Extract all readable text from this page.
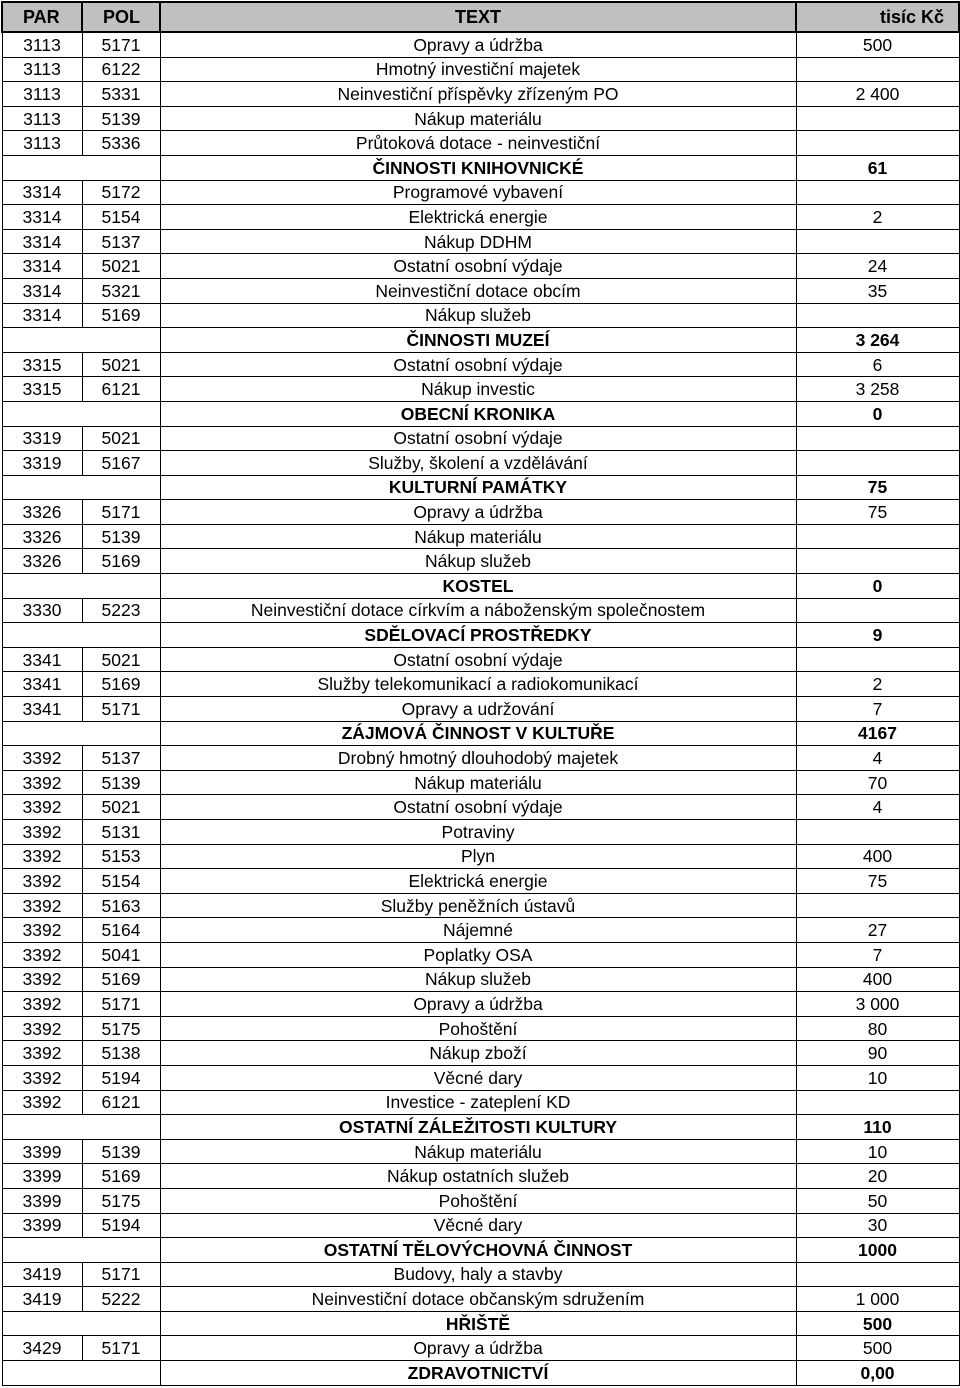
PAR	POL	TEXT	tisíc Kč
3113	5171	Opravy a údržba	500
3113	6122	Hmotný investiční majetek	
3113	5331	Neinvestiční příspěvky zřízeným PO	2 400
3113	5139	Nákup materiálu	
3113	5336	Průtoková dotace - neinvestiční	
		ČINNOSTI KNIHOVNICKÉ	61
3314	5172	Programové vybavení	
3314	5154	Elektrická energie	2
3314	5137	Nákup DDHM	
3314	5021	Ostatní osobní výdaje	24
3314	5321	Neinvestiční dotace obcím	35
3314	5169	Nákup služeb	
		ČINNOSTI MUZEÍ	3 264
3315	5021	Ostatní osobní výdaje	6
3315	6121	Nákup investic	3 258
		OBECNÍ KRONIKA	0
3319	5021	Ostatní osobní výdaje	
3319	5167	Služby, školení a vzdělávání	
		KULTURNÍ PAMÁTKY	75
3326	5171	Opravy a údržba	75
3326	5139	Nákup materiálu	
3326	5169	Nákup služeb	
		KOSTEL	0
3330	5223	Neinvestiční dotace církvím a náboženským společnostem	
		SDĚLOVACÍ PROSTŘEDKY	9
3341	5021	Ostatní osobní výdaje	
3341	5169	Služby telekomunikací a radiokomunikací	2
3341	5171	Opravy a udržování	7
		ZÁJMOVÁ ČINNOST V KULTUŘE	4167
3392	5137	Drobný hmotný dlouhodobý majetek	4
3392	5139	Nákup materiálu	70
3392	5021	Ostatní osobní výdaje	4
3392	5131	Potraviny	
3392	5153	Plyn	400
3392	5154	Elektrická energie	75
3392	5163	Služby peněžních ústavů	
3392	5164	Nájemné	27
3392	5041	Poplatky OSA	7
3392	5169	Nákup služeb	400
3392	5171	Opravy a údržba	3 000
3392	5175	Pohoštění	80
3392	5138	Nákup zboží	90
3392	5194	Věcné dary	10
3392	6121	Investice - zateplení KD	
		OSTATNÍ ZÁLEŽITOSTI KULTURY	110
3399	5139	Nákup materiálu	10
3399	5169	Nákup ostatních služeb	20
3399	5175	Pohoštění	50
3399	5194	Věcné dary	30
		OSTATNÍ TĚLOVÝCHOVNÁ ČINNOST	1000
3419	5171	Budovy, haly a stavby	
3419	5222	Neinvestiční dotace občanským sdružením	1 000
		HŘIŠTĚ	500
3429	5171	Opravy a údržba	500
		ZDRAVOTNICTVÍ	0,00
